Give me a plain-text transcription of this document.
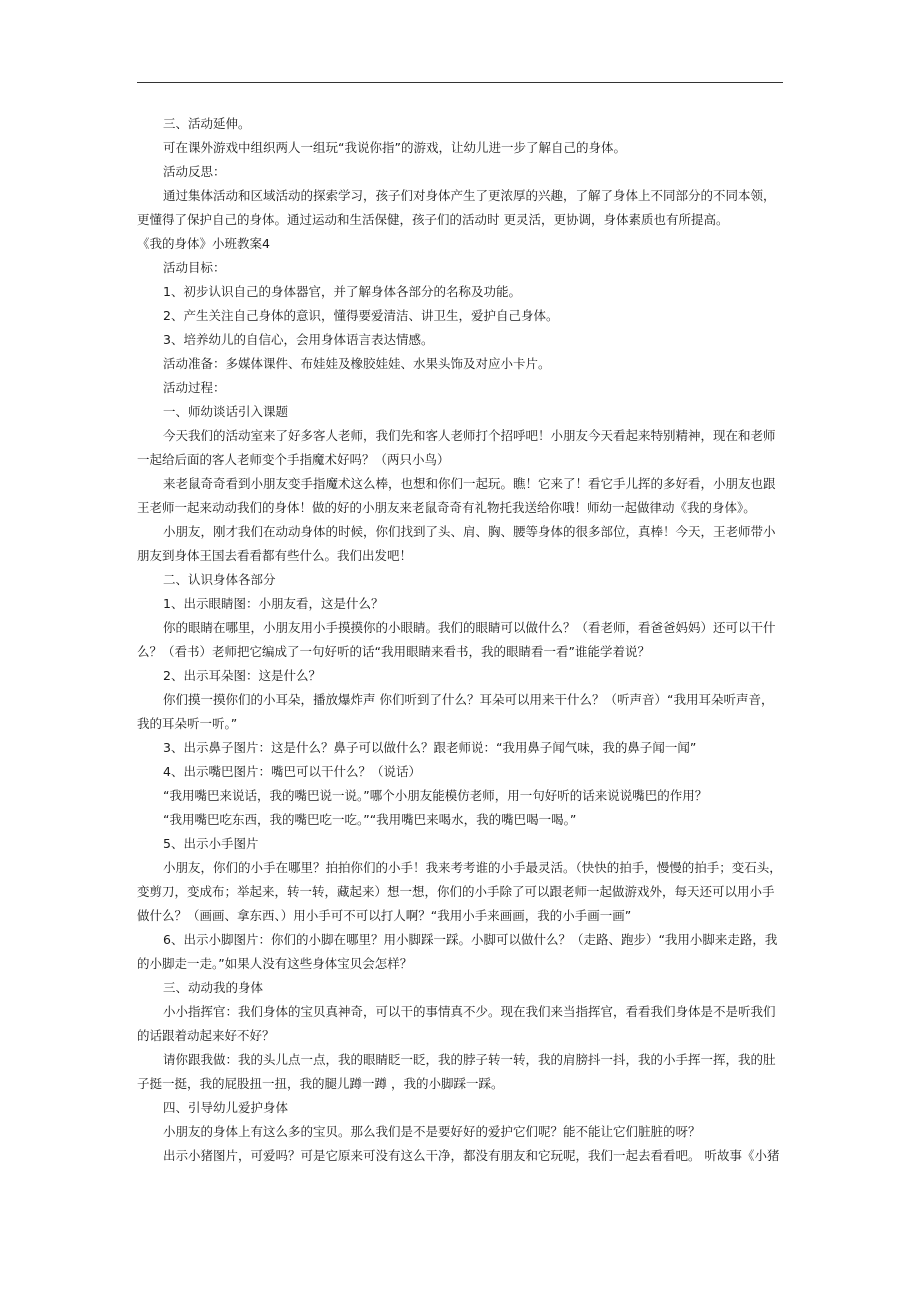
三、活动延伸。

可在课外游戏中组织两人一组玩“我说你指”的游戏，让幼儿进一步了解自己的身体。

活动反思：

通过集体活动和区域活动的探索学习，孩子们对身体产生了更浓厚的兴趣，了解了身体上不同部分的不同本领，更懂得了保护自己的身体。通过运动和生活保健，孩子们的活动时 更灵活，更协调，身体素质也有所提高。

《我的身体》小班教案4

活动目标：

1、初步认识自己的身体器官，并了解身体各部分的名称及功能。

2、产生关注自己身体的意识，懂得要爱清洁、讲卫生，爱护自己身体。

3、培养幼儿的自信心，会用身体语言表达情感。

活动准备：多媒体课件、布娃娃及橡胶娃娃、水果头饰及对应小卡片。

活动过程：

一、师幼谈话引入课题

今天我们的活动室来了好多客人老师，我们先和客人老师打个招呼吧！小朋友今天看起来特别精神，现在和老师一起给后面的客人老师变个手指魔术好吗？（两只小鸟）

来老鼠奇奇看到小朋友变手指魔术这么棒，也想和你们一起玩。瞧！它来了！看它手儿挥的多好看，小朋友也跟王老师一起来动动我们的身体！做的好的小朋友来老鼠奇奇有礼物托我送给你哦！师幼一起做律动《我的身体》。

小朋友，刚才我们在动动身体的时候，你们找到了头、肩、胸、腰等身体的很多部位，真棒！今天，王老师带小朋友到身体王国去看看都有些什么。我们出发吧！

二、认识身体各部分

1、出示眼睛图：小朋友看，这是什么？

你的眼睛在哪里，小朋友用小手摸摸你的小眼睛。我们的眼睛可以做什么？（看老师，看爸爸妈妈）还可以干什么？（看书）老师把它编成了一句好听的话“我用眼睛来看书，我的眼睛看一看”谁能学着说？

2、出示耳朵图：这是什么？

你们摸一摸你们的小耳朵，播放爆炸声 你们听到了什么？耳朵可以用来干什么？（听声音）“我用耳朵听声音，我的耳朵听一听。”

3、出示鼻子图片：这是什么？鼻子可以做什么？跟老师说：“我用鼻子闻气味，我的鼻子闻一闻”

4、出示嘴巴图片：嘴巴可以干什么？（说话）

“我用嘴巴来说话，我的嘴巴说一说。”哪个小朋友能模仿老师，用一句好听的话来说说嘴巴的作用？

“我用嘴巴吃东西，我的嘴巴吃一吃。”“我用嘴巴来喝水，我的嘴巴喝一喝。”

5、出示小手图片

小朋友，你们的小手在哪里？拍拍你们的小手！我来考考谁的小手最灵活。（快快的拍手，慢慢的拍手；变石头，变剪刀，变成布；举起来，转一转，藏起来）想一想，你们的小手除了可以跟老师一起做游戏外，每天还可以用小手做什么？（画画、拿东西、）用小手可不可以打人啊？“我用小手来画画，我的小手画一画”

6、出示小脚图片：你们的小脚在哪里？用小脚踩一踩。小脚可以做什么？（走路、跑步）“我用小脚来走路，我的小脚走一走。”如果人没有这些身体宝贝会怎样？

三、动动我的身体

小小指挥官：我们身体的宝贝真神奇，可以干的事情真不少。现在我们来当指挥官，看看我们身体是不是听我们的话跟着动起来好不好？

请你跟我做：我的头儿点一点，我的眼睛眨一眨，我的脖子转一转，我的肩膀抖一抖，我的小手挥一挥，我的肚子挺一挺，我的屁股扭一扭，我的腿儿蹲一蹲 ，我的小脚踩一踩。

四、引导幼儿爱护身体

小朋友的身体上有这么多的宝贝。那么我们是不是要好好的爱护它们呢？能不能让它们脏脏的呀？

出示小猪图片，可爱吗？可是它原来可没有这么干净，都没有朋友和它玩呢，我们一起去看看吧。 听故事《小猪
